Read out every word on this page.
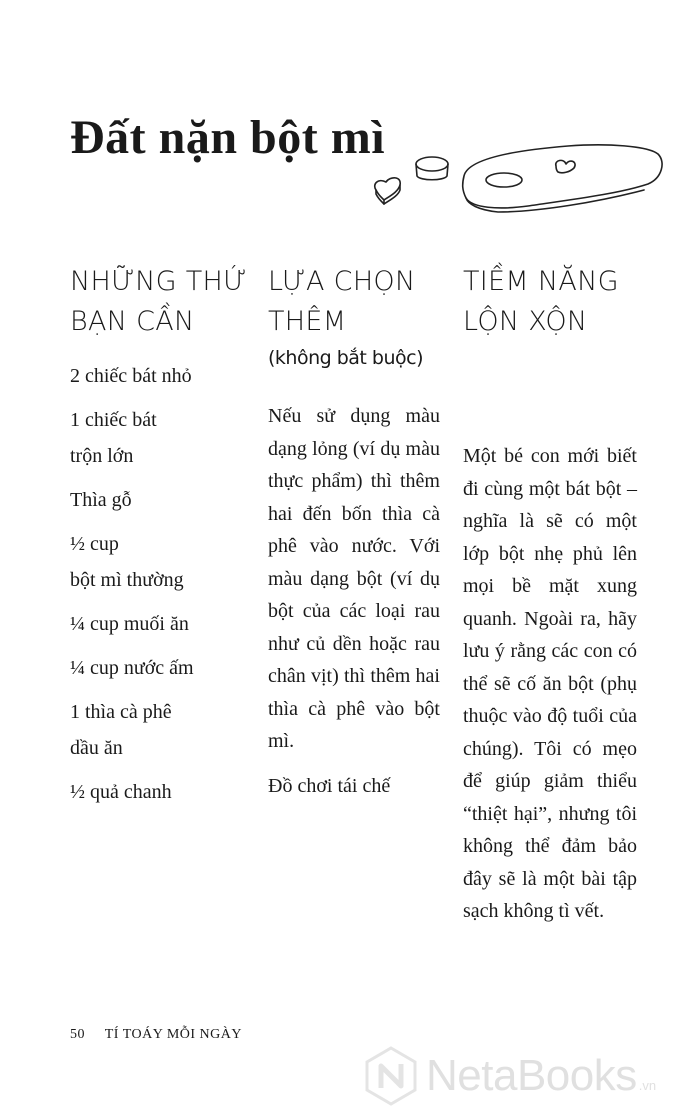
Đất nặn bột mì
NHỮNG THỨ
BẠN CẦN
2 chiếc bát nhỏ
1 chiếc bát
trộn lớn
Thìa gỗ
½ cup
bột mì thường
¼ cup muối ăn
¼ cup nước ấm
1 thìa cà phê
dầu ăn
½ quả chanh
LỰA CHỌN
THÊM
(không bắt buộc)

Nếu sử dụng màu dạng lỏng (ví dụ màu thực phẩm) thì thêm hai đến bốn thìa cà phê vào nước. Với màu dạng bột (ví dụ bột của các loại rau như củ dền hoặc rau chân vịt) thì thêm hai thìa cà phê vào bột mì.

Đồ chơi tái chế
TIỀM NĂNG
LỘN XỘN

Một bé con mới biết đi cùng một bát bột – nghĩa là sẽ có một lớp bột nhẹ phủ lên mọi bề mặt xung quanh. Ngoài ra, hãy lưu ý rằng các con có thể sẽ cố ăn bột (phụ thuộc vào độ tuổi của chúng). Tôi có mẹo để giúp giảm thiểu “thiệt hại”, nhưng tôi không thể đảm bảo đây sẽ là một bài tập sạch không tì vết.

50 TÍ TOÁY MỖI NGÀY
NetaBooks .vn
